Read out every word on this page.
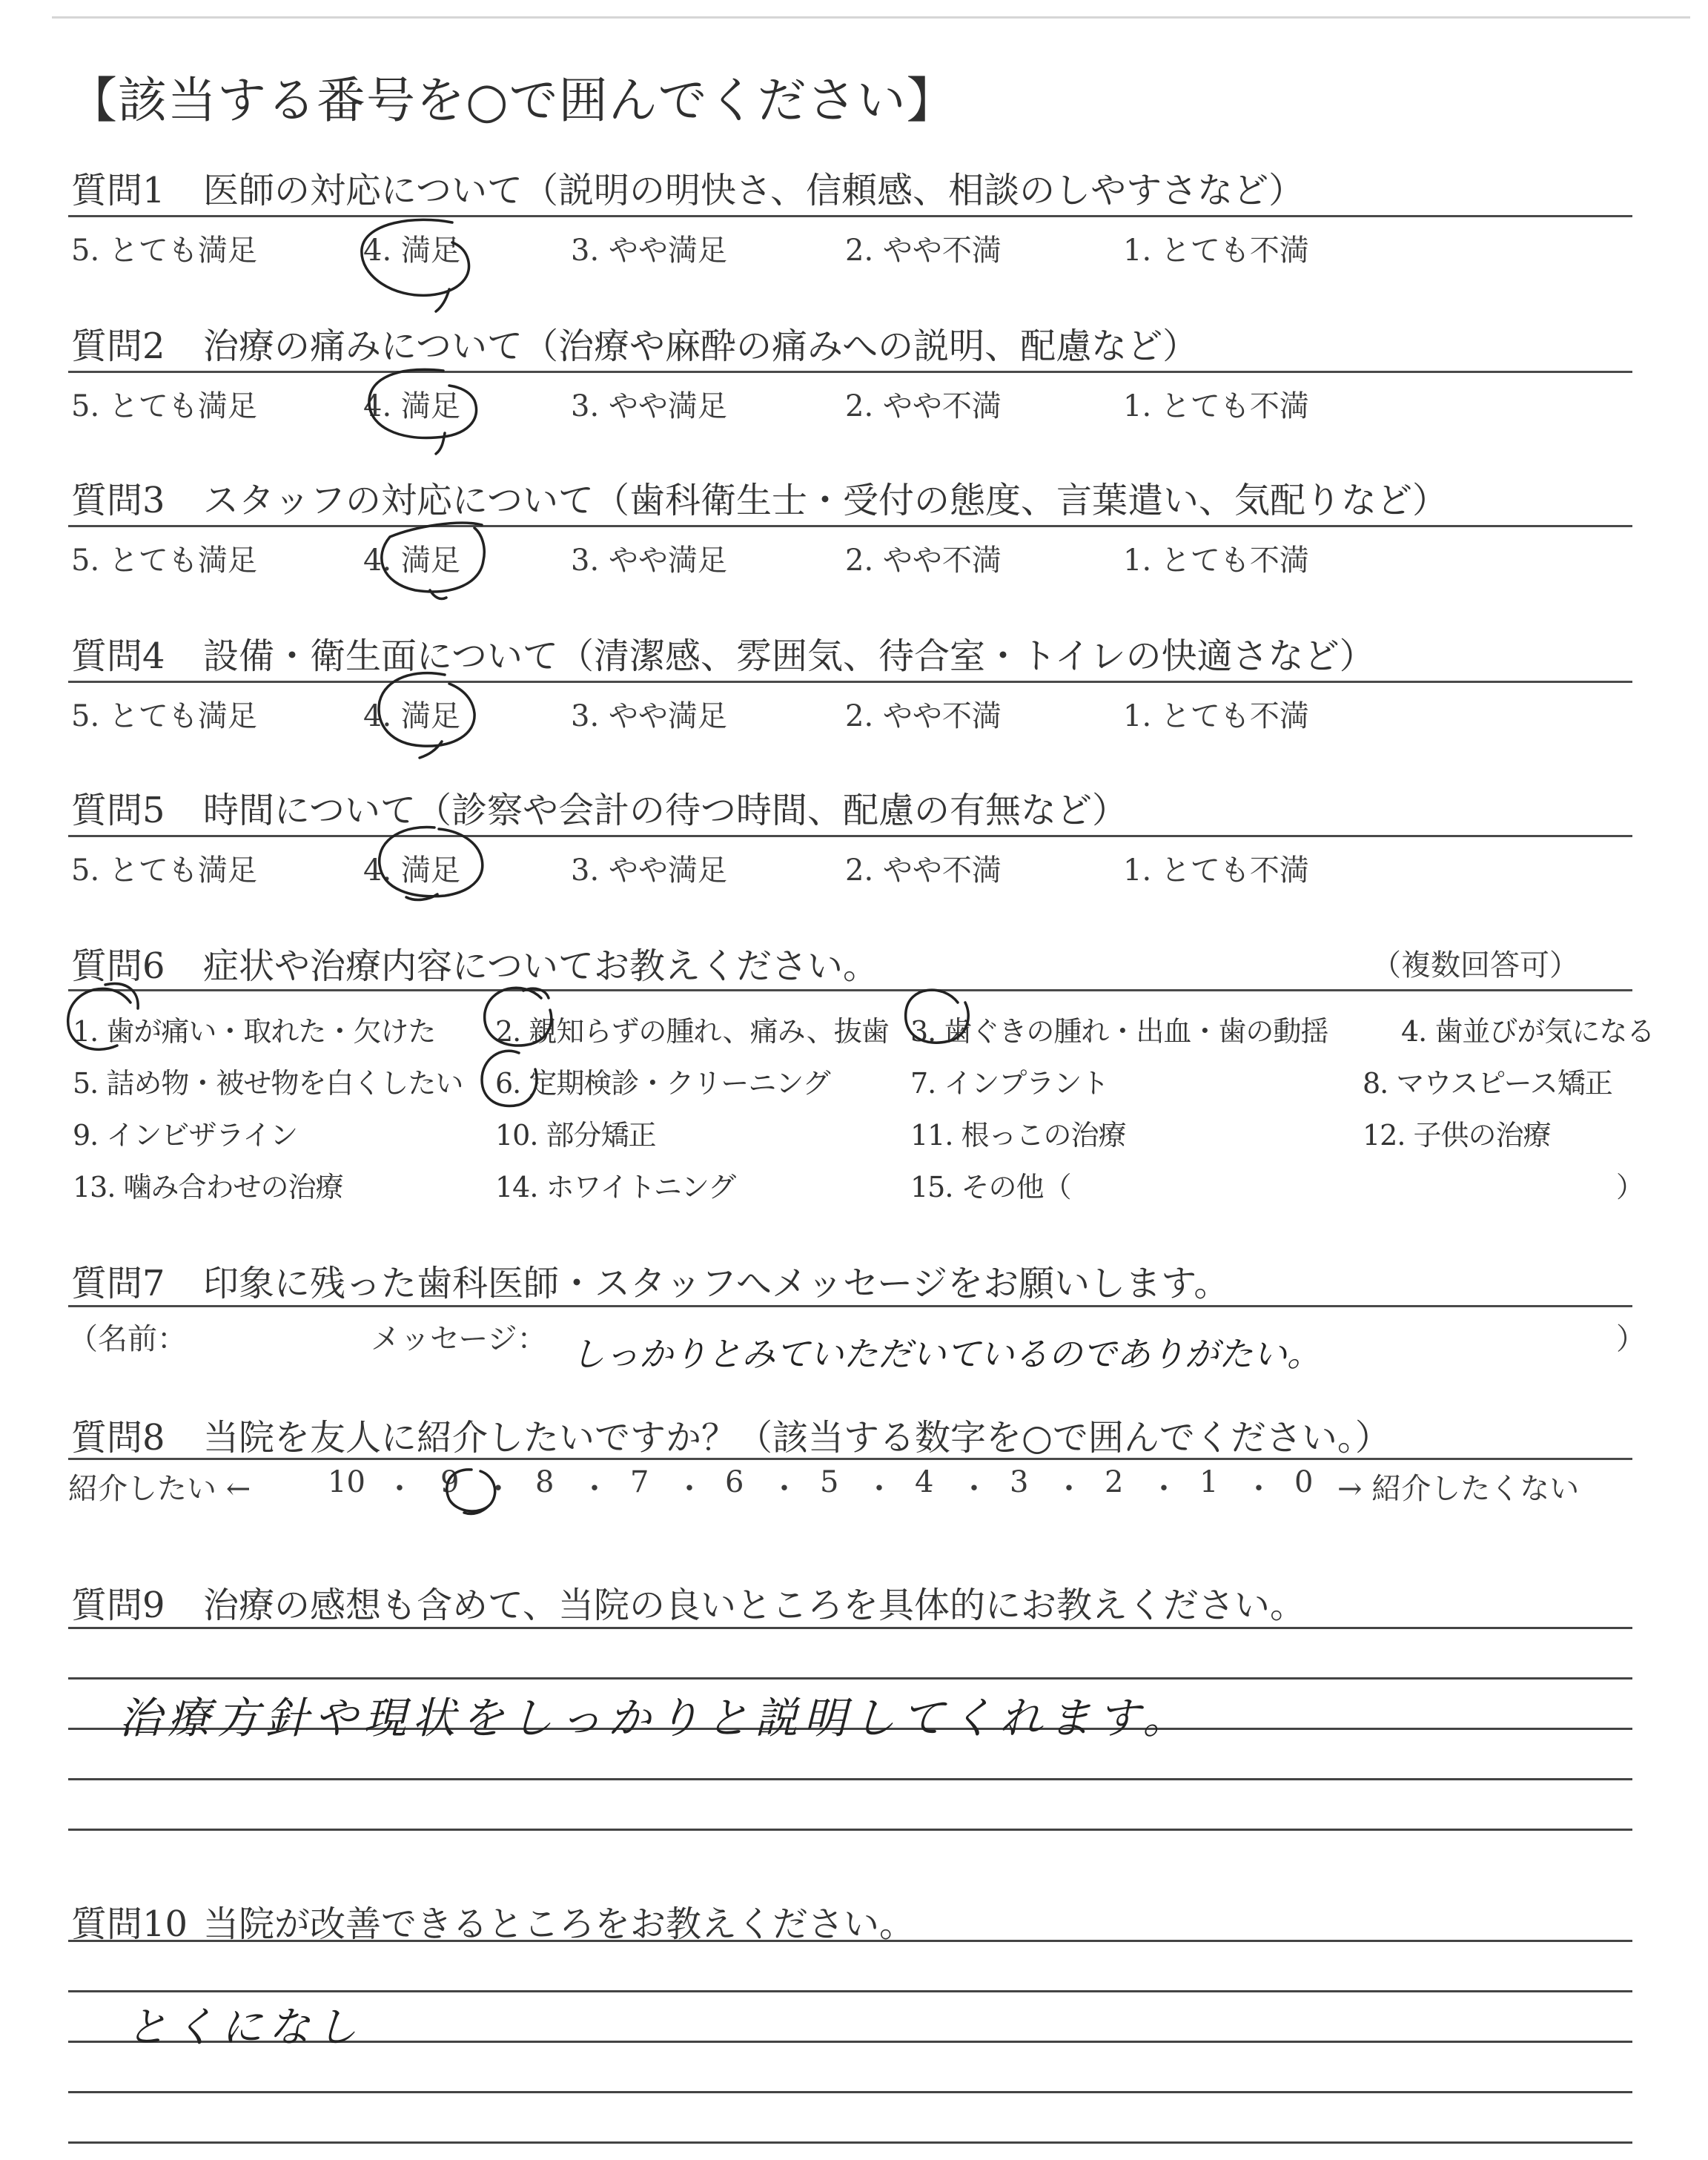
【該当する番号を○で囲んでください】
質問1 医師の対応について（説明の明快さ、信頼感、相談のしやすさなど）
5. とても満足	4. 満足	3. やや満足	2. やや不満	1. とても不満
質問2 治療の痛みについて（治療や麻酔の痛みへの説明、配慮など）
5. とても満足	4. 満足	3. やや満足	2. やや不満	1. とても不満
質問3 スタッフの対応について（歯科衛生士・受付の態度、言葉遣い、気配りなど）
5. とても満足	4. 満足	3. やや満足	2. やや不満	1. とても不満
質問4 設備・衛生面について（清潔感、雰囲気、待合室・トイレの快適さなど）
5. とても満足	4. 満足	3. やや満足	2. やや不満	1. とても不満
質問5 時間について（診察や会計の待つ時間、配慮の有無など）
5. とても満足	4. 満足	3. やや満足	2. やや不満	1. とても不満
質問6 症状や治療内容についてお教えください。	（複数回答可）
1. 歯が痛い・取れた・欠けた 2. 親知らずの腫れ、痛み、抜歯 3. 歯ぐきの腫れ・出血・歯の動揺	4. 歯並びが気になる
5. 詰め物・被せ物を白くしたい 6. 定期検診・クリーニング	7. インプラント	8. マウスピース矯正
9. インビザライン	10. 部分矯正	11. 根っこの治療	12. 子供の治療
13. 噛み合わせの治療	14. ホワイトニング	15. その他（	）
質問7 印象に残った歯科医師・スタッフへメッセージをお願いします。
（名前：	メッセージ：	）
しっかりとみていただいているのでありがたい。
質問8 当院を友人に紹介したいですか？（該当する数字を○で囲んでください。）
紹介したい ←	10 ・ 9 ・ 8 ・ 7 ・ 6 ・ 5 ・ 4 ・ 3 ・ 2 ・ 1 ・ 0 → 紹介したくない
質問9 治療の感想も含めて、当院の良いところを具体的にお教えください。
治療方針や現状をしっかりと説明してくれます。
質問10 当院が改善できるところをお教えください。
とくになし
